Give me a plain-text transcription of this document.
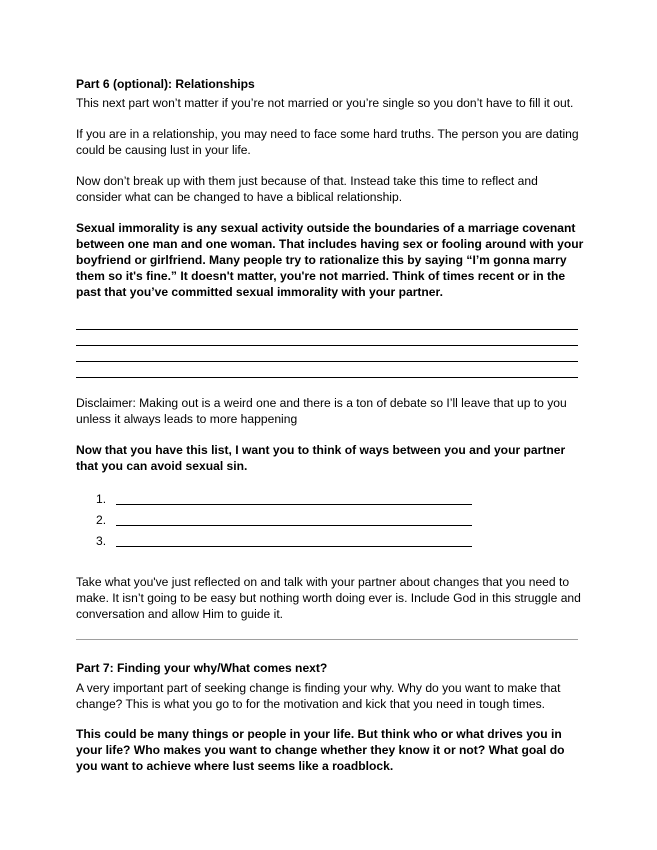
Part 6 (optional): Relationships

This next part won’t matter if you’re not married or you’re single so you don’t have to fill it out.

If you are in a relationship, you may need to face some hard truths. The person you are dating could be causing lust in your life.

Now don’t break up with them just because of that. Instead take this time to reflect and consider what can be changed to have a biblical relationship.

Sexual immorality is any sexual activity outside the boundaries of a marriage covenant between one man and one woman. That includes having sex or fooling around with your boyfriend or girlfriend. Many people try to rationalize this by saying “I’m gonna marry them so it's fine.” It doesn't matter, you're not married. Think of times recent or in the past that you’ve committed sexual immorality with your partner.

Disclaimer: Making out is a weird one and there is a ton of debate so I’ll leave that up to you unless it always leads to more happening

Now that you have this list, I want you to think of ways between you and your partner that you can avoid sexual sin.

1.
2.
3.

Take what you've just reflected on and talk with your partner about changes that you need to make. It isn’t going to be easy but nothing worth doing ever is. Include God in this struggle and conversation and allow Him to guide it.

Part 7: Finding your why/What comes next?

A very important part of seeking change is finding your why. Why do you want to make that change? This is what you go to for the motivation and kick that you need in tough times.

This could be many things or people in your life. But think who or what drives you in your life? Who makes you want to change whether they know it or not? What goal do you want to achieve where lust seems like a roadblock.
